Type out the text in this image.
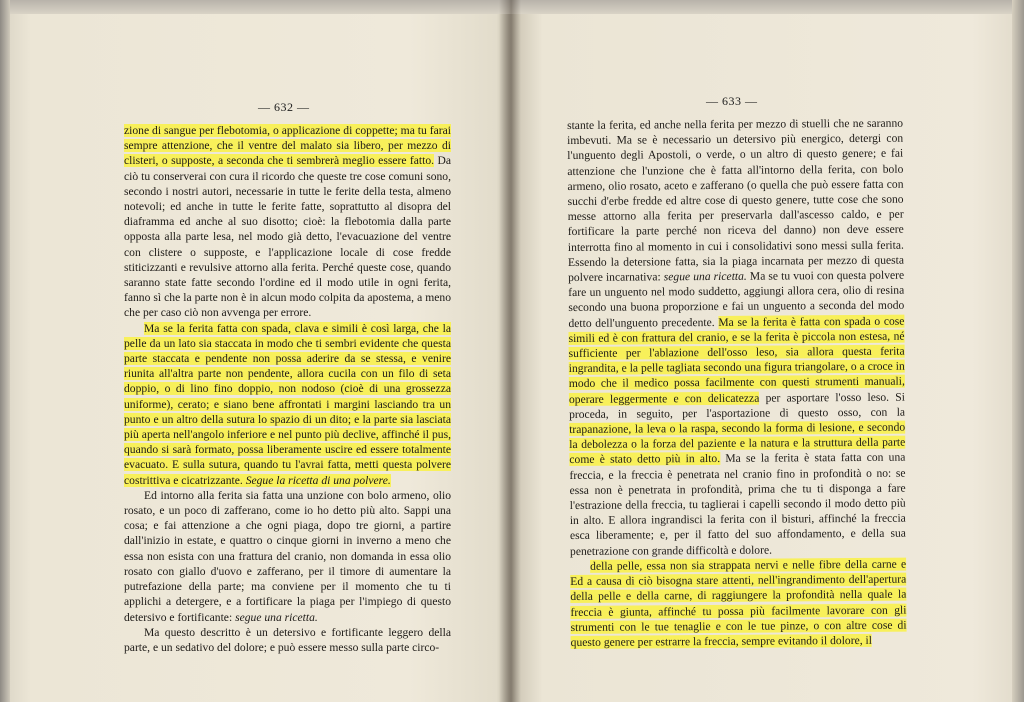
— 632 —

zione di sangue per flebotomia, o applicazione di coppette; ma tu farai sempre attenzione, che il ventre del malato sia libero, per mezzo di clisteri, o supposte, a seconda che ti sembrerà meglio essere fatto. Da ciò tu conserverai con cura il ricordo che queste tre cose comuni sono, secondo i nostri autori, necessarie in tutte le ferite della testa, almeno notevoli; ed anche in tutte le ferite fatte, soprattutto al disopra del diaframma ed anche al suo disotto; cioè: la flebotomia dalla parte opposta alla parte lesa, nel modo già detto, l'evacuazione del ventre con clistere o supposte, e l'applicazione locale di cose fredde stiticizzanti e revulsive attorno alla ferita. Perché queste cose, quando saranno state fatte secondo l'ordine ed il modo utile in ogni ferita, fanno sì che la parte non è in alcun modo colpita da apostema, a meno che per caso ciò non avvenga per errore.

Ma se la ferita fatta con spada, clava e simili è così larga, che la pelle da un lato sia staccata in modo che ti sembri evidente che questa parte staccata e pendente non possa aderire da se stessa, e venire riunita all'altra parte non pendente, allora cucila con un filo di seta doppio, o di lino fino doppio, non nodoso (cioè di una grossezza uniforme), cerato; e siano bene affrontati i margini lasciando tra un punto e un altro della sutura lo spazio di un dito; e la parte sia lasciata più aperta nell'angolo inferiore e nel punto più declive, affinché il pus, quando si sarà formato, possa liberamente uscire ed essere totalmente evacuato. E sulla sutura, quando tu l'avrai fatta, metti questa polvere costrittiva e cicatrizzante. Segue la ricetta di una polvere.

Ed intorno alla ferita sia fatta una unzione con bolo armeno, olio rosato, e un poco di zafferano, come io ho detto più alto. Sappi una cosa; e fai attenzione a che ogni piaga, dopo tre giorni, a partire dall'inizio in estate, e quattro o cinque giorni in inverno a meno che essa non esista con una frattura del cranio, non domanda in essa olio rosato con giallo d'uovo e zafferano, per il timore di aumentare la putrefazione della parte; ma conviene per il momento che tu ti applichi a detergere, e a fortificare la piaga per l'impiego di questo detersivo e fortificante: segue una ricetta.

Ma questo descritto è un detersivo e fortificante leggero della parte, e un sedativo del dolore; e può essere messo sulla parte circo-

— 633 —

stante la ferita, ed anche nella ferita per mezzo di stuelli che ne saranno imbevuti. Ma se è necessario un detersivo più energico, detergi con l'unguento degli Apostoli, o verde, o un altro di questo genere; e fai attenzione che l'unzione che è fatta all'intorno della ferita, con bolo armeno, olio rosato, aceto e zafferano (o quella che può essere fatta con succhi d'erbe fredde ed altre cose di questo genere, tutte cose che sono messe attorno alla ferita per preservarla dall'ascesso caldo, e per fortificare la parte perché non riceva del danno) non deve essere interrotta fino al momento in cui i consolidativi sono messi sulla ferita. Essendo la detersione fatta, sia la piaga incarnata per mezzo di questa polvere incarnativa: segue una ricetta. Ma se tu vuoi con questa polvere fare un unguento nel modo suddetto, aggiungi allora cera, olio di resina secondo una buona proporzione e fai un unguento a seconda del modo detto dell'unguento precedente. Ma se la ferita è fatta con spada o cose simili ed è con frattura del cranio, e se la ferita è piccola non estesa, né sufficiente per l'ablazione dell'osso leso, sia allora questa ferita ingrandita, e la pelle tagliata secondo una figura triangolare, o a croce in modo che il medico possa facilmente con questi strumenti manuali, operare leggermente e con delicatezza per asportare l'osso leso. Si proceda, in seguito, per l'asportazione di questo osso, con la trapanazione, la leva o la raspa, secondo la forma di lesione, e secondo la debolezza o la forza del paziente e la natura e la struttura della parte come è stato detto più in alto. Ma se la ferita è stata fatta con una freccia, e la freccia è penetrata nel cranio fino in profondità o no: se essa non è penetrata in profondità, prima che tu ti disponga a fare l'estrazione della freccia, tu taglierai i capelli secondo il modo detto più in alto. E allora ingrandisci la ferita con il bisturi, affinché la freccia esca liberamente; e, per il fatto del suo affondamento, e della sua penetrazione con grande difficoltà e dolore.

della pelle, essa non sia strappata nervi e nelle fibre della carne e Ed a causa di ciò bisogna stare attenti, nell'ingrandimento dell'apertura della pelle e della carne, di raggiungere la profondità nella quale la freccia è giunta, affinché tu possa più facilmente lavorare con gli strumenti con le tue tenaglie e con le tue pinze, o con altre cose di questo genere per estrarre la freccia, sempre evitando il dolore, il
